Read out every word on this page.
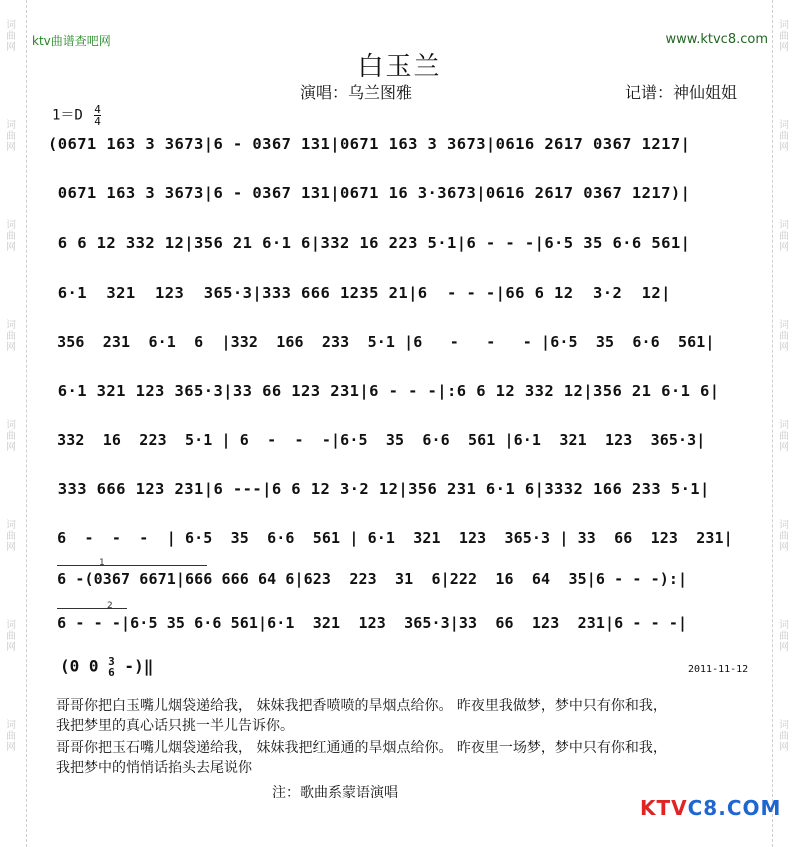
词曲网
词曲网
词曲网
词曲网
词曲网
词曲网
词曲网
词曲网
词曲网
词曲网
词曲网
词曲网
词曲网
词曲网
词曲网
词曲网
ktv曲谱查吧网	www.ktvc8.com
白玉兰
演唱：乌兰图雅	记谱：神仙姐姐
$1=D \frac{4}{4}$
(0671 163 3 3673|6 - 0367 131|0671 163 3 3673|0616 2617 0367 1217|
0671 163 3 3673|6 - 0367 131|0671 16 3·3673|0616 2617 0367 1217)|
6 6 12 332 12|356 21 6·1 6|332 16 223 5·1|6 - - -|6·5 35 6·6 561|
6·1  321  123  365·3|333 666 1235 21|6  - - -|66 6 12  3·2  12|
356  231  6·1  6  |332  166  233  5·1 |6   -   -   - |6·5  35  6·6  561|
6·1 321 123 365·3|33 66 123 231|6 - - -|:6 6 12 332 12|356 21 6·1 6|
332  16  223  5·1 | 6  -  -  -|6·5  35  6·6  561 |6·1  321  123  365·3|
333 666 123 231|6 ---|6 6 12 3·2 12|356 231 6·1 6|3332 166 233 5·1|
6  -  -  -  | 6·5  35  6·6  561 | 6·1  321  123  365·3 | 33  66  123  231|
1
6 -(0367 6671|666 666 64 6|623  223  31  6|222  16  64  35|6 - - -):|
2
6 - - -|6·5 35 6·6 561|6·1  321  123  365·3|33  66  123  231|6 - - -|
(0 0 3
6 -)‖	2011-11-12
哥哥你把白玉嘴儿烟袋递给我， 妹妹我把香喷喷的旱烟点给你。 昨夜里我做梦，梦中只有你和我，
我把梦里的真心话只挑一半儿告诉你。
哥哥你把玉石嘴儿烟袋递给我， 妹妹我把红通通的旱烟点给你。 昨夜里一场梦，梦中只有你和我，
我把梦中的悄悄话掐头去尾说你
注：歌曲系蒙语演唱
KTVC8.COM
